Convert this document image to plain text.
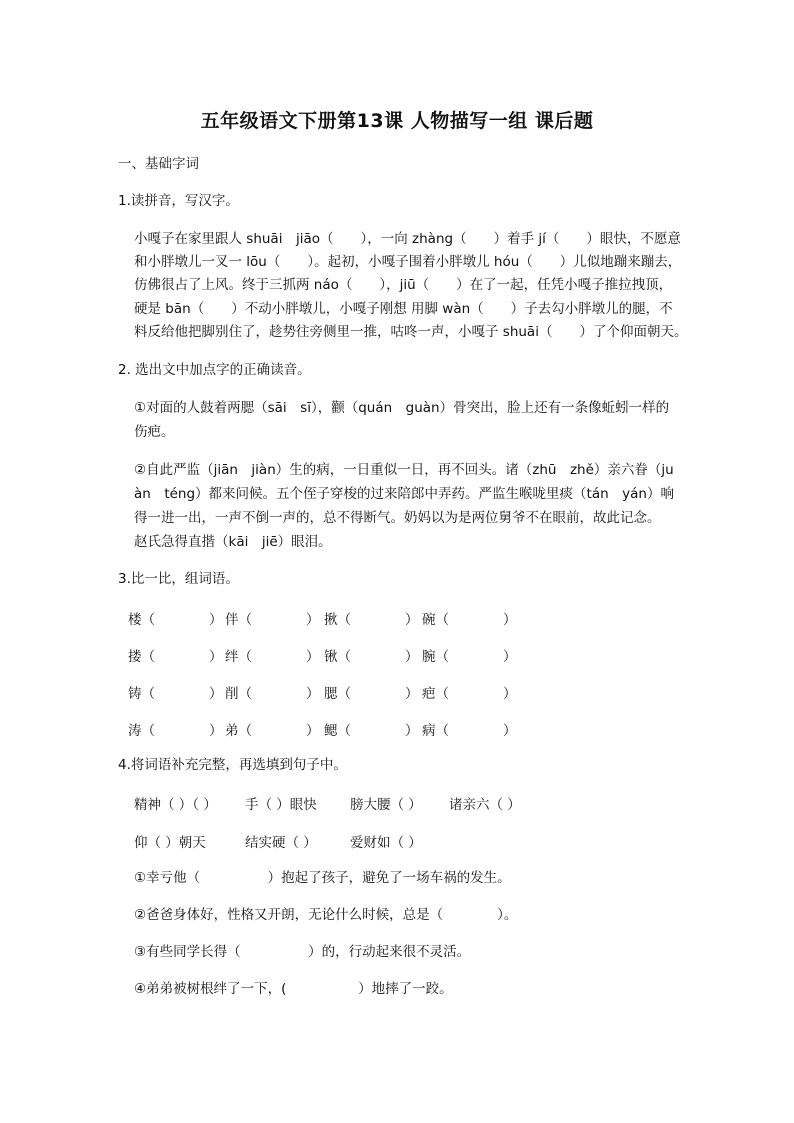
五年级语文下册第13课 人物描写一组 课后题
一、基础字词
1.读拼音，写汉字。
小嘎子在家里跟人 shuāi　jiāo（　　），一向 zhàng（　　）着手 jí（　　）眼快，不愿意
和小胖墩儿一叉一 lōu（　　）。起初，小嘎子围着小胖墩儿 hóu（　　）儿似地蹦来蹦去，
仿佛很占了上风。终于三抓两 náo（　　），jiū（　　）在了一起，任凭小嘎子推拉拽顶，
硬是 bān（　　）不动小胖墩儿，小嘎子刚想 用脚 wàn（　　）子去勾小胖墩儿的腿，不
料反给他把脚别住了，趁势往旁侧里一推，咕咚一声，小嘎子 shuāi（　　）了个仰面朝天。
2. 选出文中加点字的正确读音。
①对面的人鼓着两腮（sāi　sī），颧（quán　guàn）骨突出，脸上还有一条像蚯蚓一样的
伤疤。
②自此严监（jiān　jiàn）生的病，一日重似一日，再不回头。诸（zhū　zhě）亲六眷（ju
àn　téng）都来问候。五个侄子穿梭的过来陪郎中弄药。严监生喉咙里痰（tán　yán）响
得一进一出，一声不倒一声的，总不得断气。奶妈以为是两位舅爷不在眼前，故此记念。
赵氏急得直揩（kāi　jiē）眼泪。
3.比一比，组词语。
楼（　　　　） 伴（　　　　） 揪（　　　　） 碗（　　　　）
搂（　　　　） 绊（　　　　） 锹（　　　　） 腕（　　　　）
铸（　　　　） 削（　　　　） 腮（　　　　） 疤（　　　　）
涛（　　　　） 弟（　　　　） 鳃（　　　　） 病（　　　　）
4.将词语补充完整，再选填到句子中。
精神（ ）（ ） 手（ ）眼快 膀大腰（ ） 诸亲六（ ）
仰（ ）朝天	结实硬（ ） 爱财如（ ）
①幸亏他（　　　　　）抱起了孩子，避免了一场车祸的发生。
②爸爸身体好，性格又开朗，无论什么时候，总是（　　　　）。
③有些同学长得（　　　　　）的，行动起来很不灵活。
④弟弟被树根绊了一下，(　　　　　 ）地摔了一跤。
